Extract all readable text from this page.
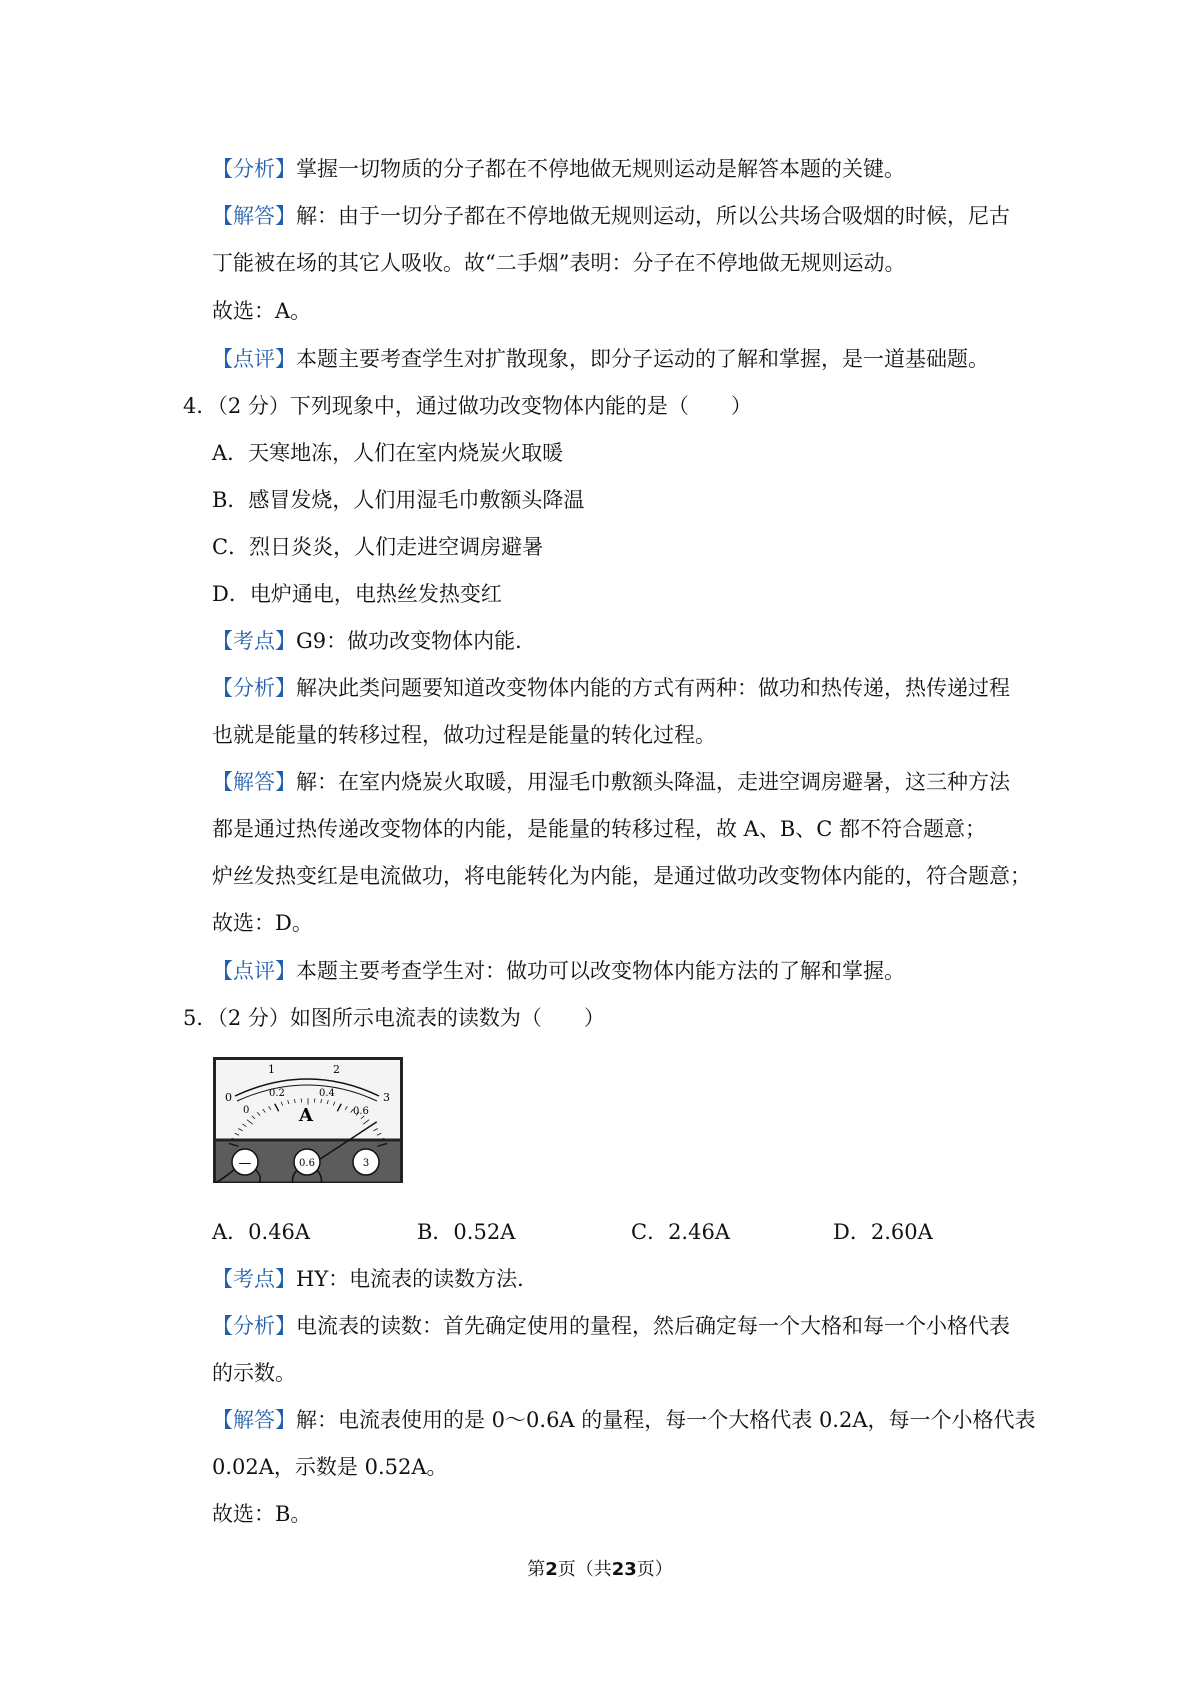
【分析】掌握一切物质的分子都在不停地做无规则运动是解答本题的关键。
【解答】解：由于一切分子都在不停地做无规则运动，所以公共场合吸烟的时候，尼古
丁能被在场的其它人吸收。故“二手烟”表明：分子在不停地做无规则运动。
故选：A。
【点评】本题主要考查学生对扩散现象，即分子运动的了解和掌握，是一道基础题。
4．（2 分）下列现象中，通过做功改变物体内能的是（　　）
A．天寒地冻，人们在室内烧炭火取暖
B．感冒发烧，人们用湿毛巾敷额头降温
C．烈日炎炎，人们走进空调房避暑
D．电炉通电，电热丝发热变红
【考点】G9：做功改变物体内能．
【分析】解决此类问题要知道改变物体内能的方式有两种：做功和热传递，热传递过程
也就是能量的转移过程，做功过程是能量的转化过程。
【解答】解：在室内烧炭火取暖，用湿毛巾敷额头降温，走进空调房避暑，这三种方法
都是通过热传递改变物体的内能，是能量的转移过程，故 A、B、C 都不符合题意；
炉丝发热变红是电流做功，将电能转化为内能，是通过做功改变物体内能的，符合题意；
故选：D。
【点评】本题主要考查学生对：做功可以改变物体内能方法的了解和掌握。
5．（2 分）如图所示电流表的读数为（　　）
0
1	2
3
0
0.2	0.4
0.6
A
—	0.6	3
A．0.46A	B．0.52A	C．2.46A	D．2.60A
【考点】HY：电流表的读数方法．
【分析】电流表的读数：首先确定使用的量程，然后确定每一个大格和每一个小格代表
的示数。
【解答】解：电流表使用的是 0～0.6A 的量程，每一个大格代表 0.2A，每一个小格代表
0.02A，示数是 0.52A。
故选：B。
第2页（共23页）
